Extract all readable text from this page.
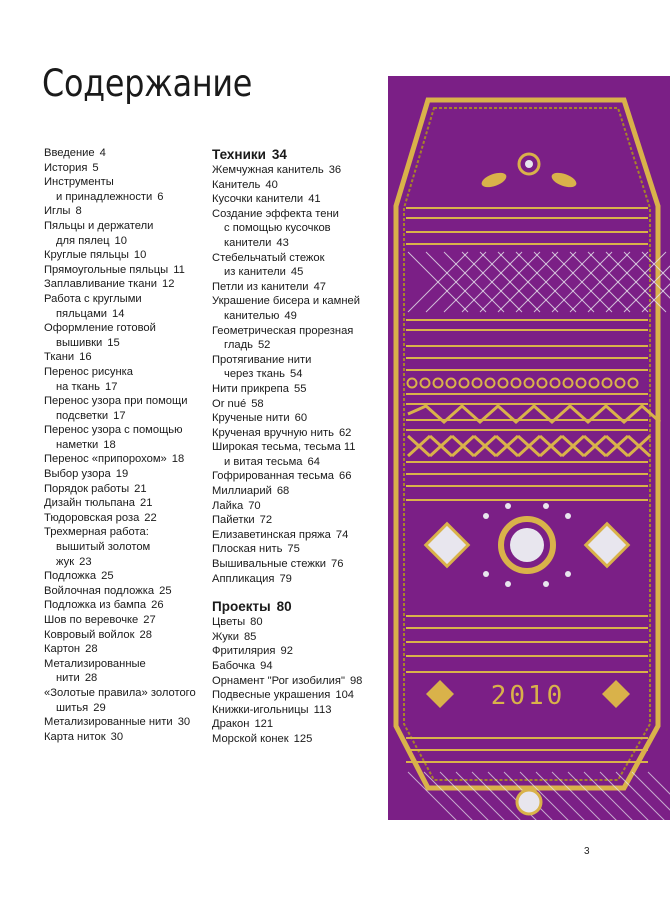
Содержание
Введение 4
История 5
Инструменты

и принадлежности 6
Иглы 8
Пяльцы и держатели

для пялец 10
Круглые пяльцы 10
Прямоугольные пяльцы 11
Заплавливание ткани 12
Работа с круглыми

пяльцами 14
Оформление готовой

вышивки 15
Ткани 16
Перенос рисунка

на ткань 17
Перенос узора при помощи

подсветки 17
Перенос узора с помощью

наметки 18
Перенос «припорохом» 18
Выбор узора 19
Порядок работы 21
Дизайн тюльпана 21
Тюдоровская роза 22
Трехмерная работа:

вышитый золотом
жук 23
Подложка 25
Войлочная подложка 25
Подложка из бампа 26
Шов по веревочке 27
Ковровый войлок 28
Картон 28
Метализированные

нити 28
«Золотые правила» золотого

шитья 29
Метализированные нити 30
Карта ниток 30
Техники 34
Жемчужная канитель 36
Канитель 40
Кусочки канители 41
Создание эффекта тени

с помощью кусочков
канители 43
Стебельчатый стежок

из канители 45
Петли из канители 47
Украшение бисера и камней

канителью 49
Геометрическая прорезная

гладь 52
Протягивание нити

через ткань 54
Нити прикрепа 55
Or nué 58
Крученые нити 60
Крученая вручную нить 62
Широкая тесьма, тесьма 11

и витая тесьма 64
Гофрированная тесьма 66
Миллиарий 68
Лайка 70
Пайетки 72
Елизаветинская пряжа 74
Плоская нить 75
Вышивальные стежки 76
Аппликация 79
Проекты 80
Цветы 80
Жуки 85
Фритилярия 92
Бабочка 94
Орнамент "Рог изобилия" 98
Подвесные украшения 104
Книжки-игольницы 113
Дракон 121
Морской конек 125
2010
3
